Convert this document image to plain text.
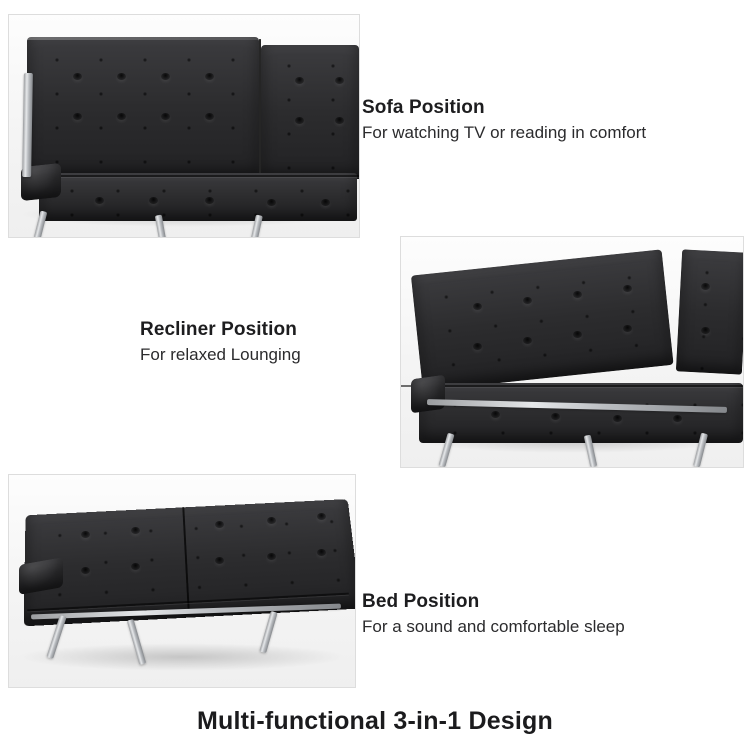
Sofa Position
For watching TV or reading in comfort
Recliner Position
For relaxed Lounging
Bed Position
For a sound and comfortable sleep
Multi-functional 3-in-1 Design
